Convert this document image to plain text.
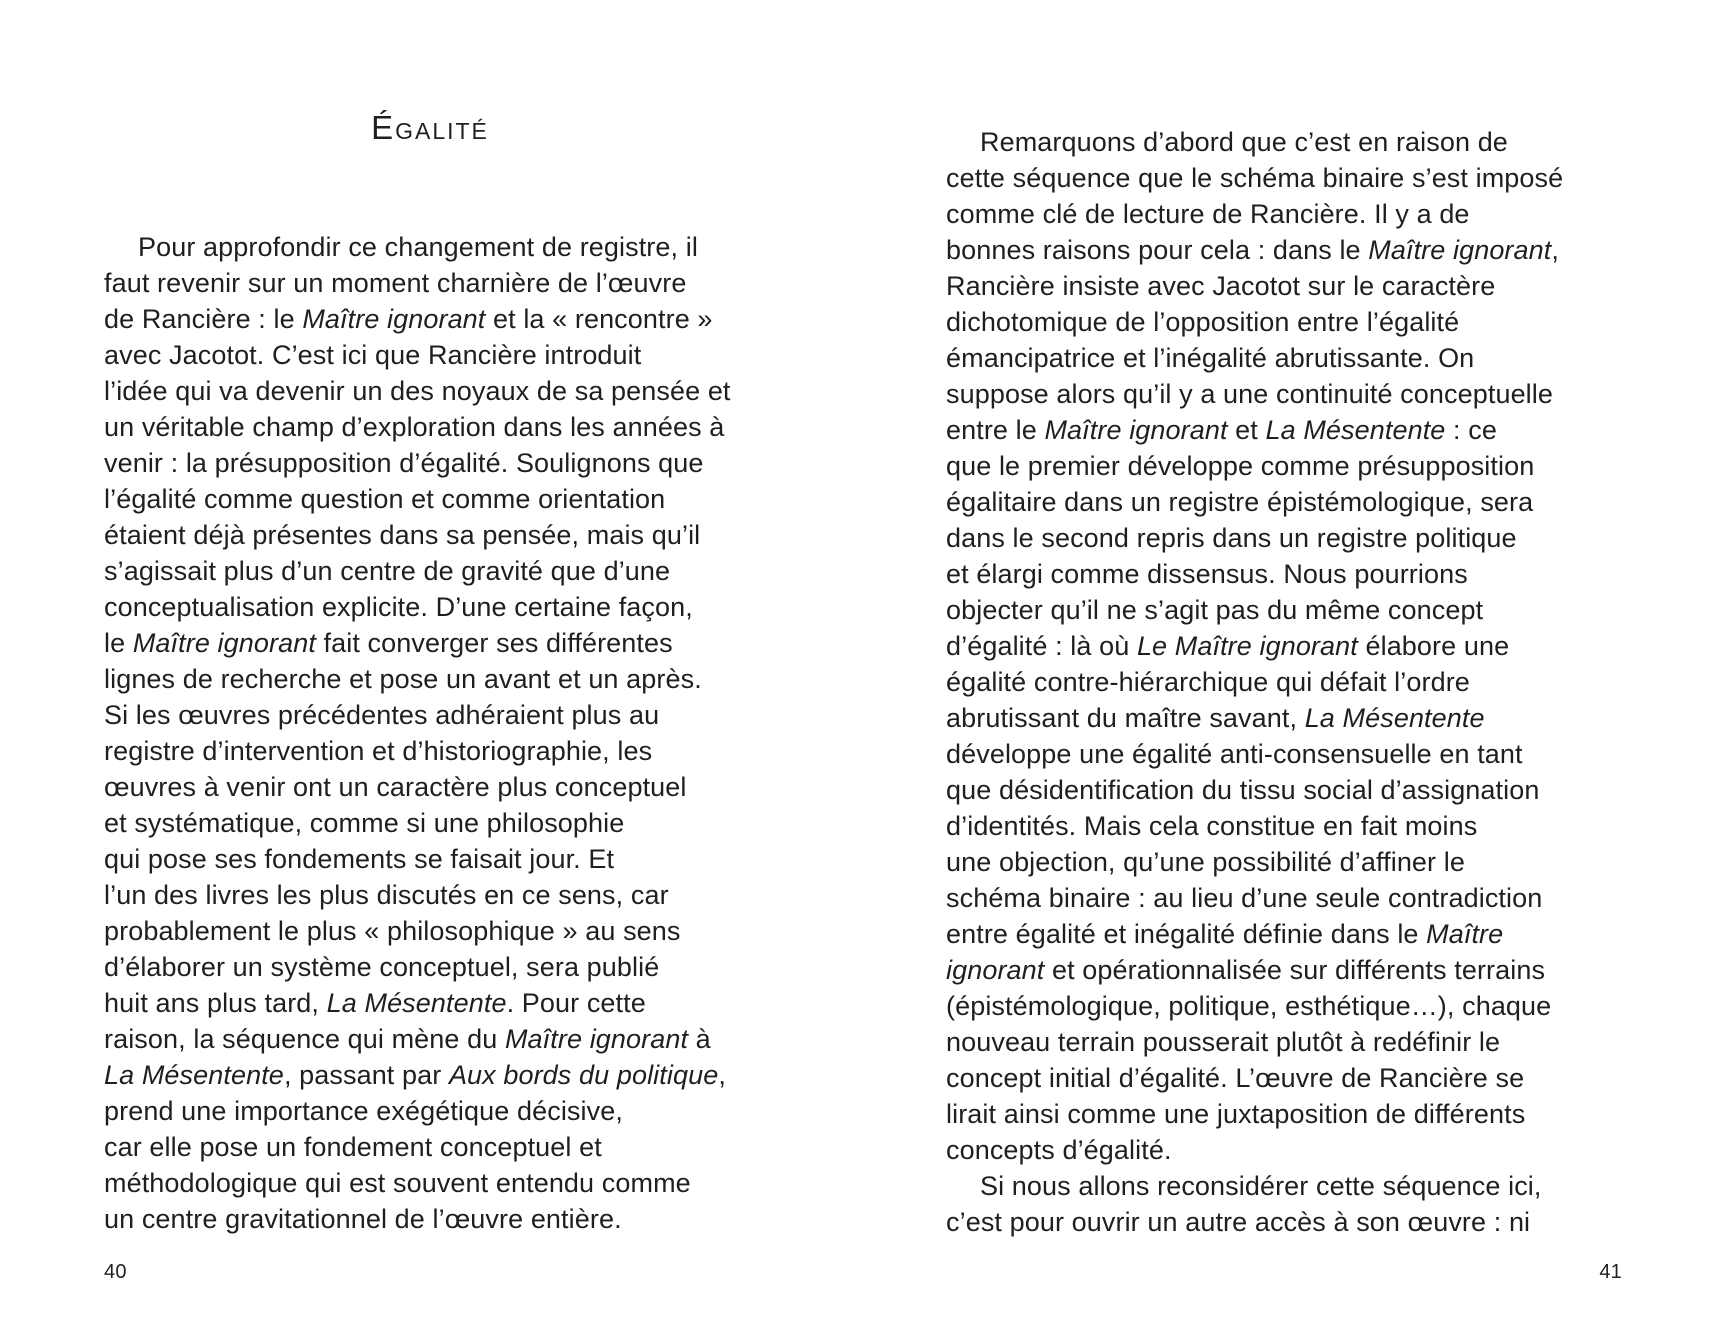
Égalité
Pour approfondir ce changement de registre, il
faut revenir sur un moment charnière de l’œuvre
de Rancière : le Maître ignorant et la « rencontre »
avec Jacotot. C’est ici que Rancière introduit
l’idée qui va devenir un des noyaux de sa pensée et
un véritable champ d’exploration dans les années à
venir : la présupposition d’égalité. Soulignons que
l’égalité comme question et comme orientation
étaient déjà présentes dans sa pensée, mais qu’il
s’agissait plus d’un centre de gravité que d’une
conceptualisation explicite. D’une certaine façon,
le Maître ignorant fait converger ses différentes
lignes de recherche et pose un avant et un après.
Si les œuvres précédentes adhéraient plus au
registre d’intervention et d’historiographie, les
œuvres à venir ont un caractère plus conceptuel
et systématique, comme si une philosophie
qui pose ses fondements se faisait jour. Et
l’un des livres les plus discutés en ce sens, car
probablement le plus « philosophique » au sens
d’élaborer un système conceptuel, sera publié
huit ans plus tard, La Mésentente. Pour cette
raison, la séquence qui mène du Maître ignorant à
La Mésentente, passant par Aux bords du politique,
prend une importance exégétique décisive,
car elle pose un fondement conceptuel et
méthodologique qui est souvent entendu comme
un centre gravitationnel de l’œuvre entière.
40
Remarquons d’abord que c’est en raison de
cette séquence que le schéma binaire s’est imposé
comme clé de lecture de Rancière. Il y a de
bonnes raisons pour cela : dans le Maître ignorant,
Rancière insiste avec Jacotot sur le caractère
dichotomique de l’opposition entre l’égalité
émancipatrice et l’inégalité abrutissante. On
suppose alors qu’il y a une continuité conceptuelle
entre le Maître ignorant et La Mésentente : ce
que le premier développe comme présupposition
égalitaire dans un registre épistémologique, sera
dans le second repris dans un registre politique
et élargi comme dissensus. Nous pourrions
objecter qu’il ne s’agit pas du même concept
d’égalité : là où Le Maître ignorant élabore une
égalité contre-hiérarchique qui défait l’ordre
abrutissant du maître savant, La Mésentente
développe une égalité anti-consensuelle en tant
que désidentification du tissu social d’assignation
d’identités. Mais cela constitue en fait moins
une objection, qu’une possibilité d’affiner le
schéma binaire : au lieu d’une seule contradiction
entre égalité et inégalité définie dans le Maître
ignorant et opérationnalisée sur différents terrains
(épistémologique, politique, esthétique…), chaque
nouveau terrain pousserait plutôt à redéfinir le
concept initial d’égalité. L’œuvre de Rancière se
lirait ainsi comme une juxtaposition de différents
concepts d’égalité.
Si nous allons reconsidérer cette séquence ici,
c’est pour ouvrir un autre accès à son œuvre : ni
41
